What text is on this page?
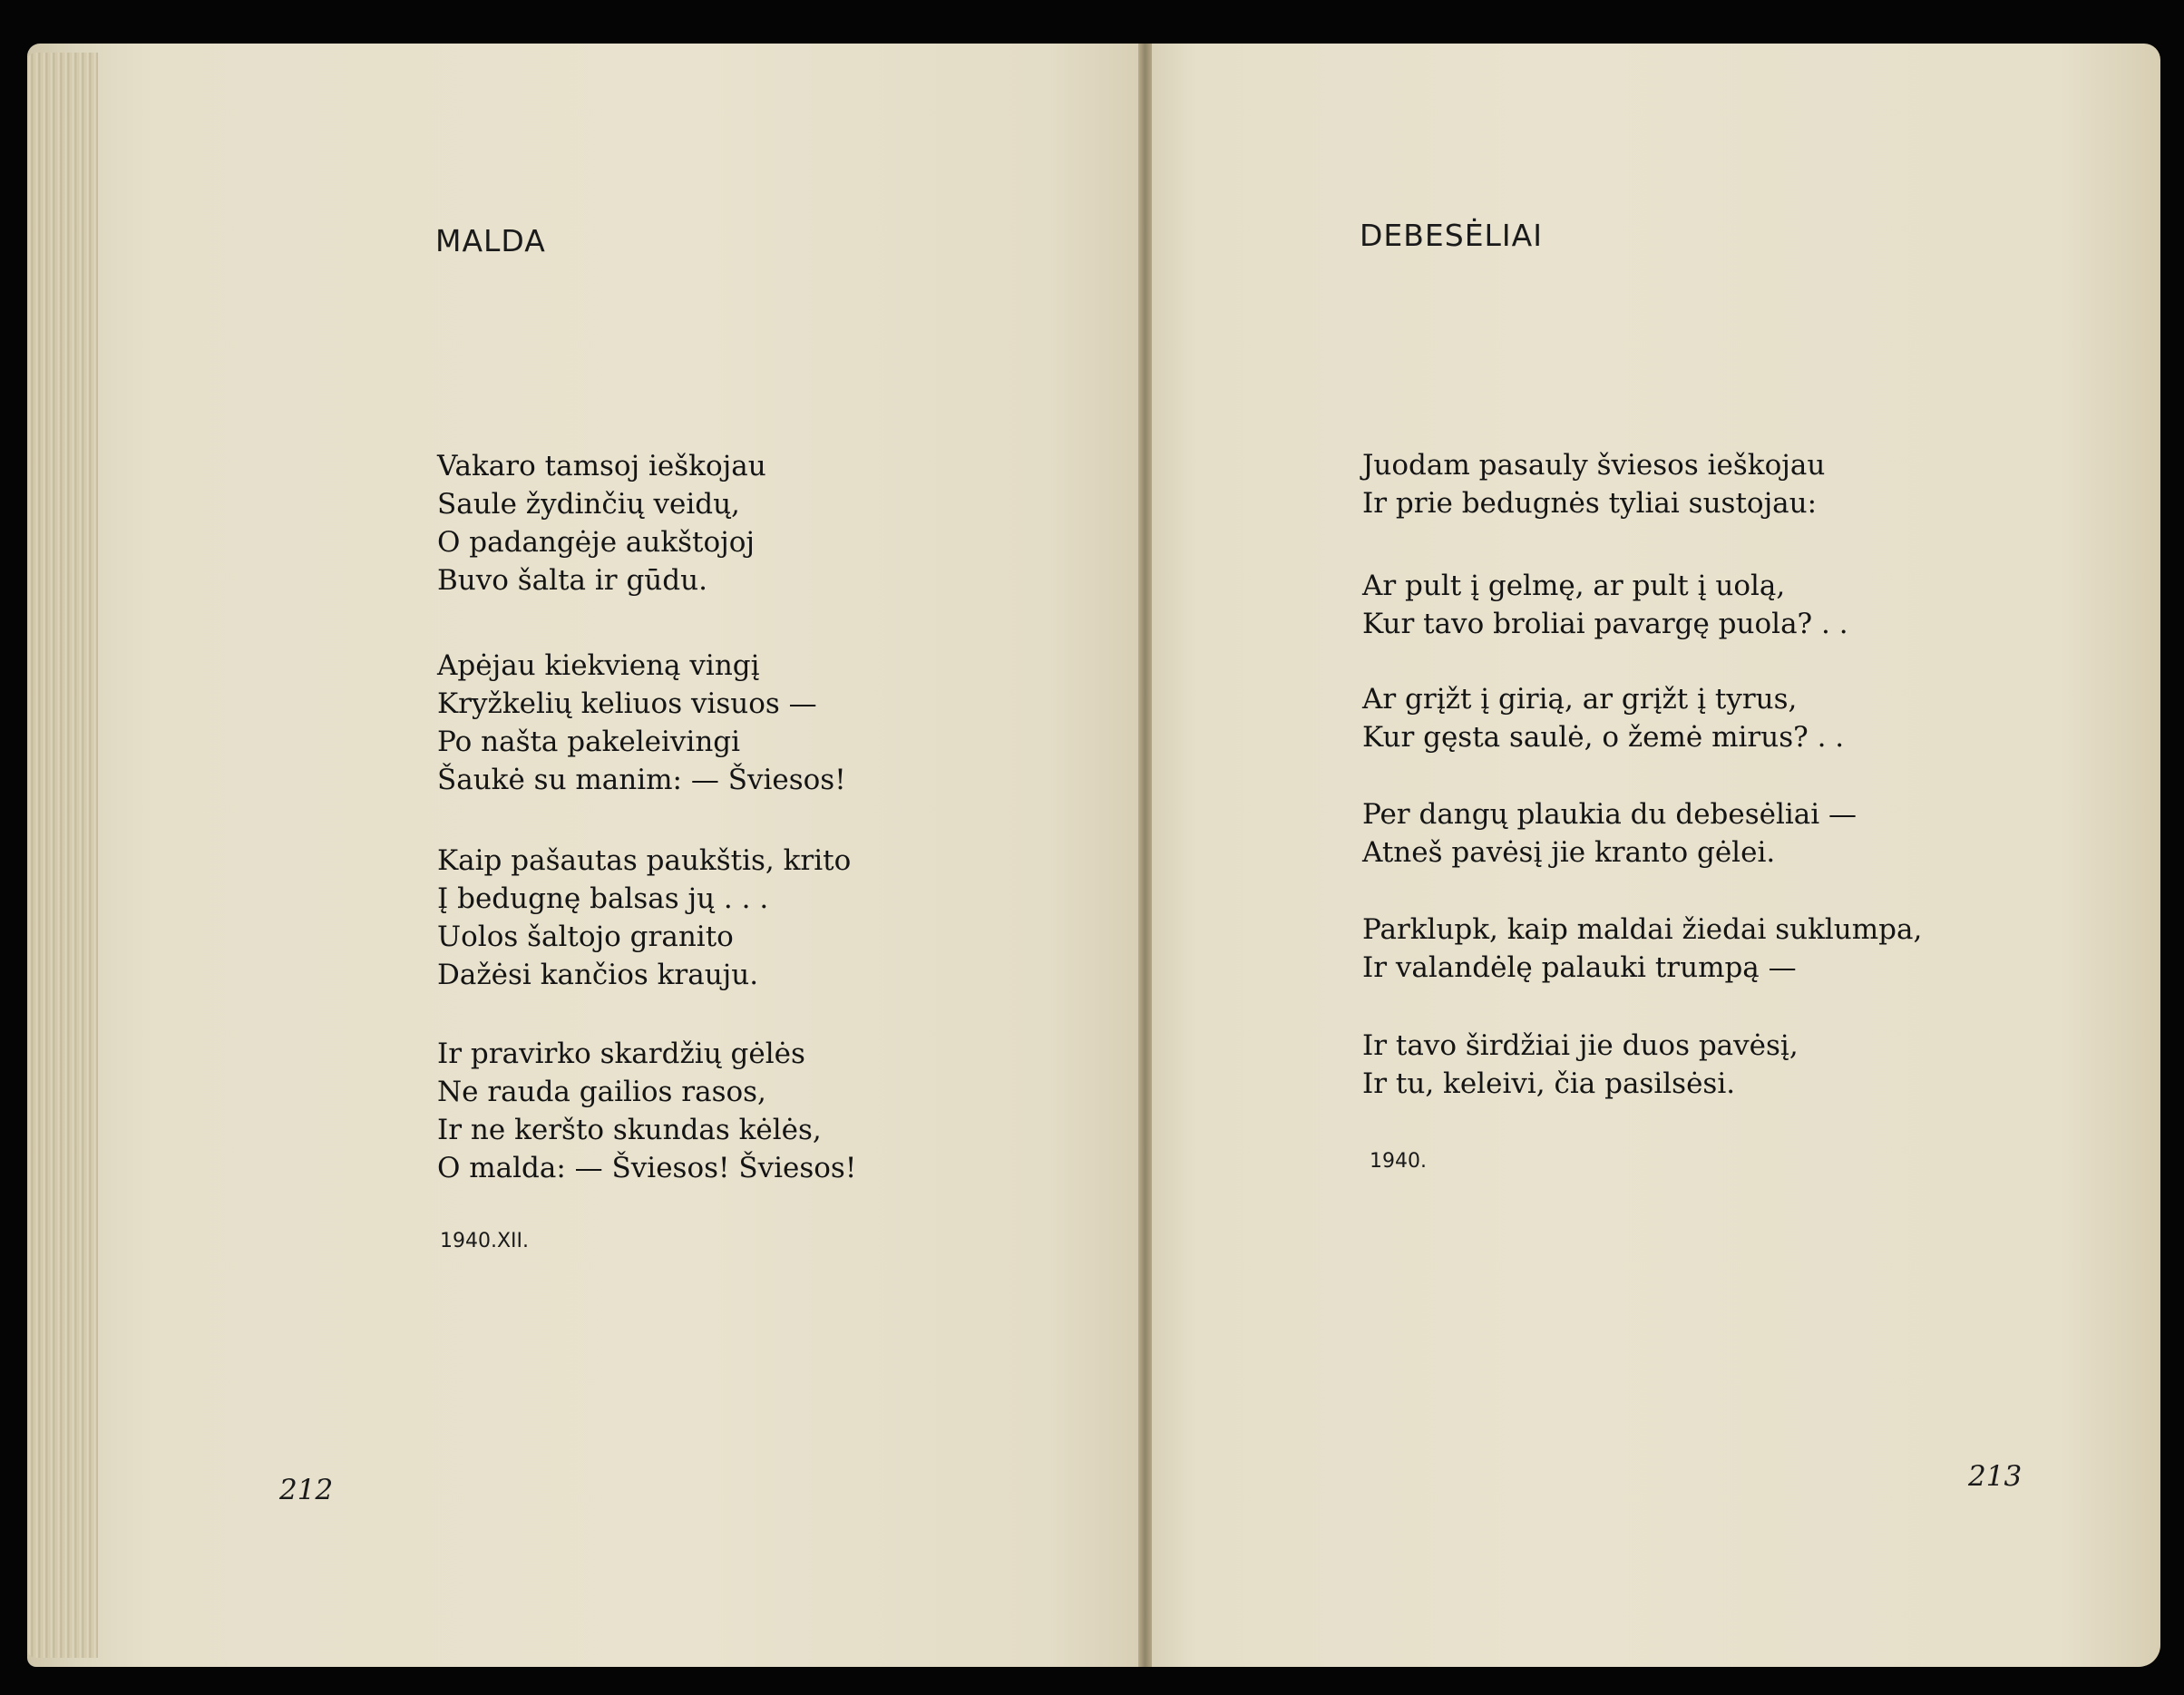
MALDA
Vakaro tamsoj ieškojau
Saule žydinčių veidų,
O padangėje aukštojoj
Buvo šalta ir gūdu.
Apėjau kiekvieną vingį
Kryžkelių keliuos visuos —
Po našta pakeleivingi
Šaukė su manim: — Šviesos!
Kaip pašautas paukštis, krito
Į bedugnę balsas jų . . .
Uolos šaltojo granito
Dažėsi kančios krauju.
Ir pravirko skardžių gėlės
Ne rauda gailios rasos,
Ir ne keršto skundas kėlės,
O malda: — Šviesos! Šviesos!
1940.XII.
212
DEBESĖLIAI
Juodam pasauly šviesos ieškojau
Ir prie bedugnės tyliai sustojau:
Ar pult į gelmę, ar pult į uolą,
Kur tavo broliai pavargę puola? . .
Ar grįžt į girią, ar grįžt į tyrus,
Kur gęsta saulė, o žemė mirus? . .
Per dangų plaukia du debesėliai —
Atneš pavėsį jie kranto gėlei.
Parklupk, kaip maldai žiedai suklumpa,
Ir valandėlę palauki trumpą —
Ir tavo širdžiai jie duos pavėsį,
Ir tu, keleivi, čia pasilsėsi.
1940.
213
